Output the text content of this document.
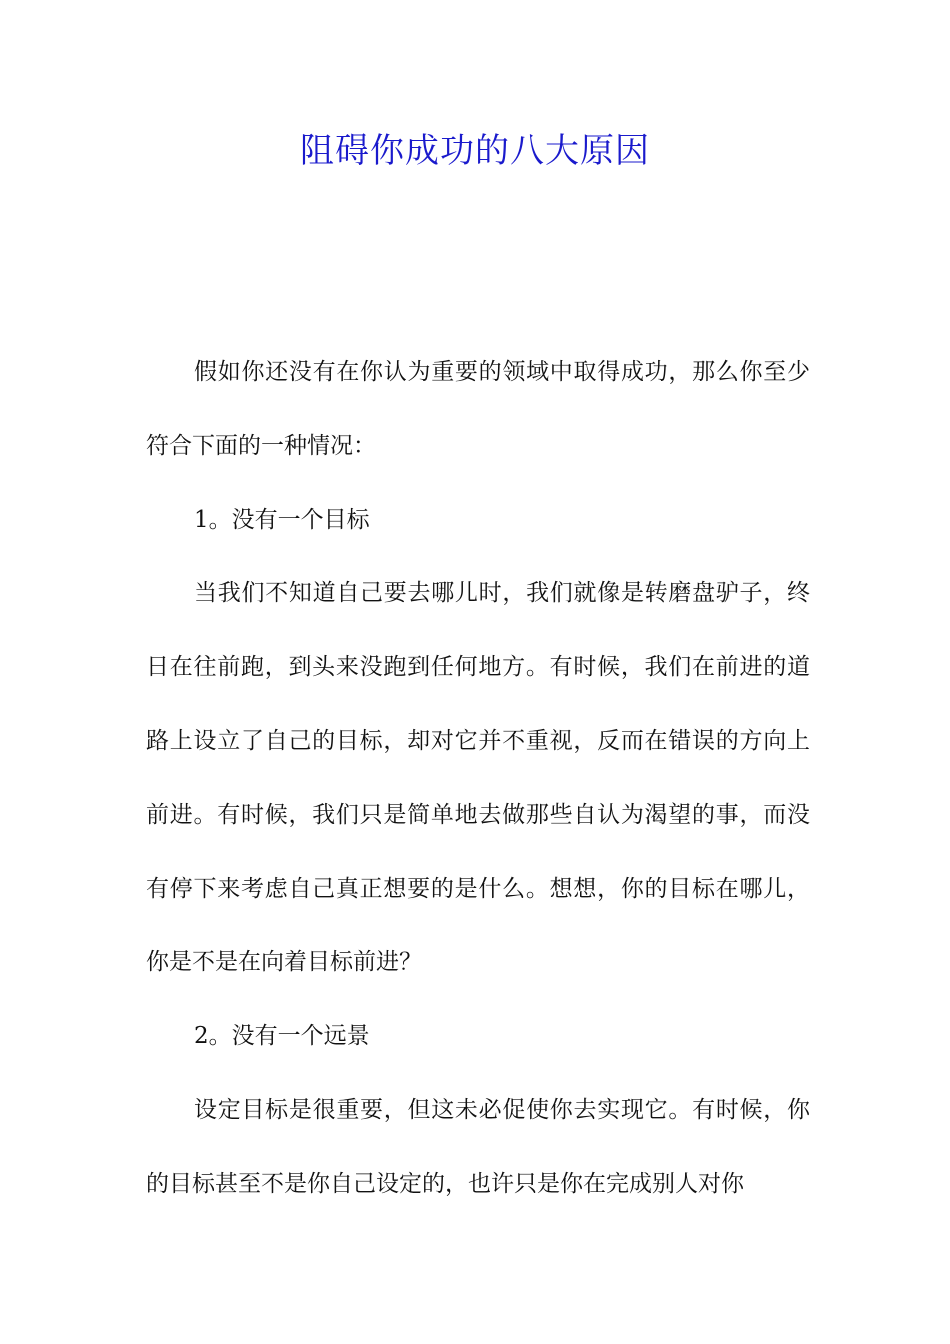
阻碍你成功的八大原因

假如你还没有在你认为重要的领域中取得成功，那么你至少符合下面的一种情况：

1。没有一个目标

当我们不知道自己要去哪儿时，我们就像是转磨盘驴子，终日在往前跑，到头来没跑到任何地方。有时候，我们在前进的道路上设立了自己的目标，却对它并不重视，反而在错误的方向上前进。有时候，我们只是简单地去做那些自认为渴望的事，而没有停下来考虑自己真正想要的是什么。想想，你的目标在哪儿，你是不是在向着目标前进？

2。没有一个远景

设定目标是很重要，但这未必促使你去实现它。有时候，你的目标甚至不是你自己设定的，也许只是你在完成别人对你
